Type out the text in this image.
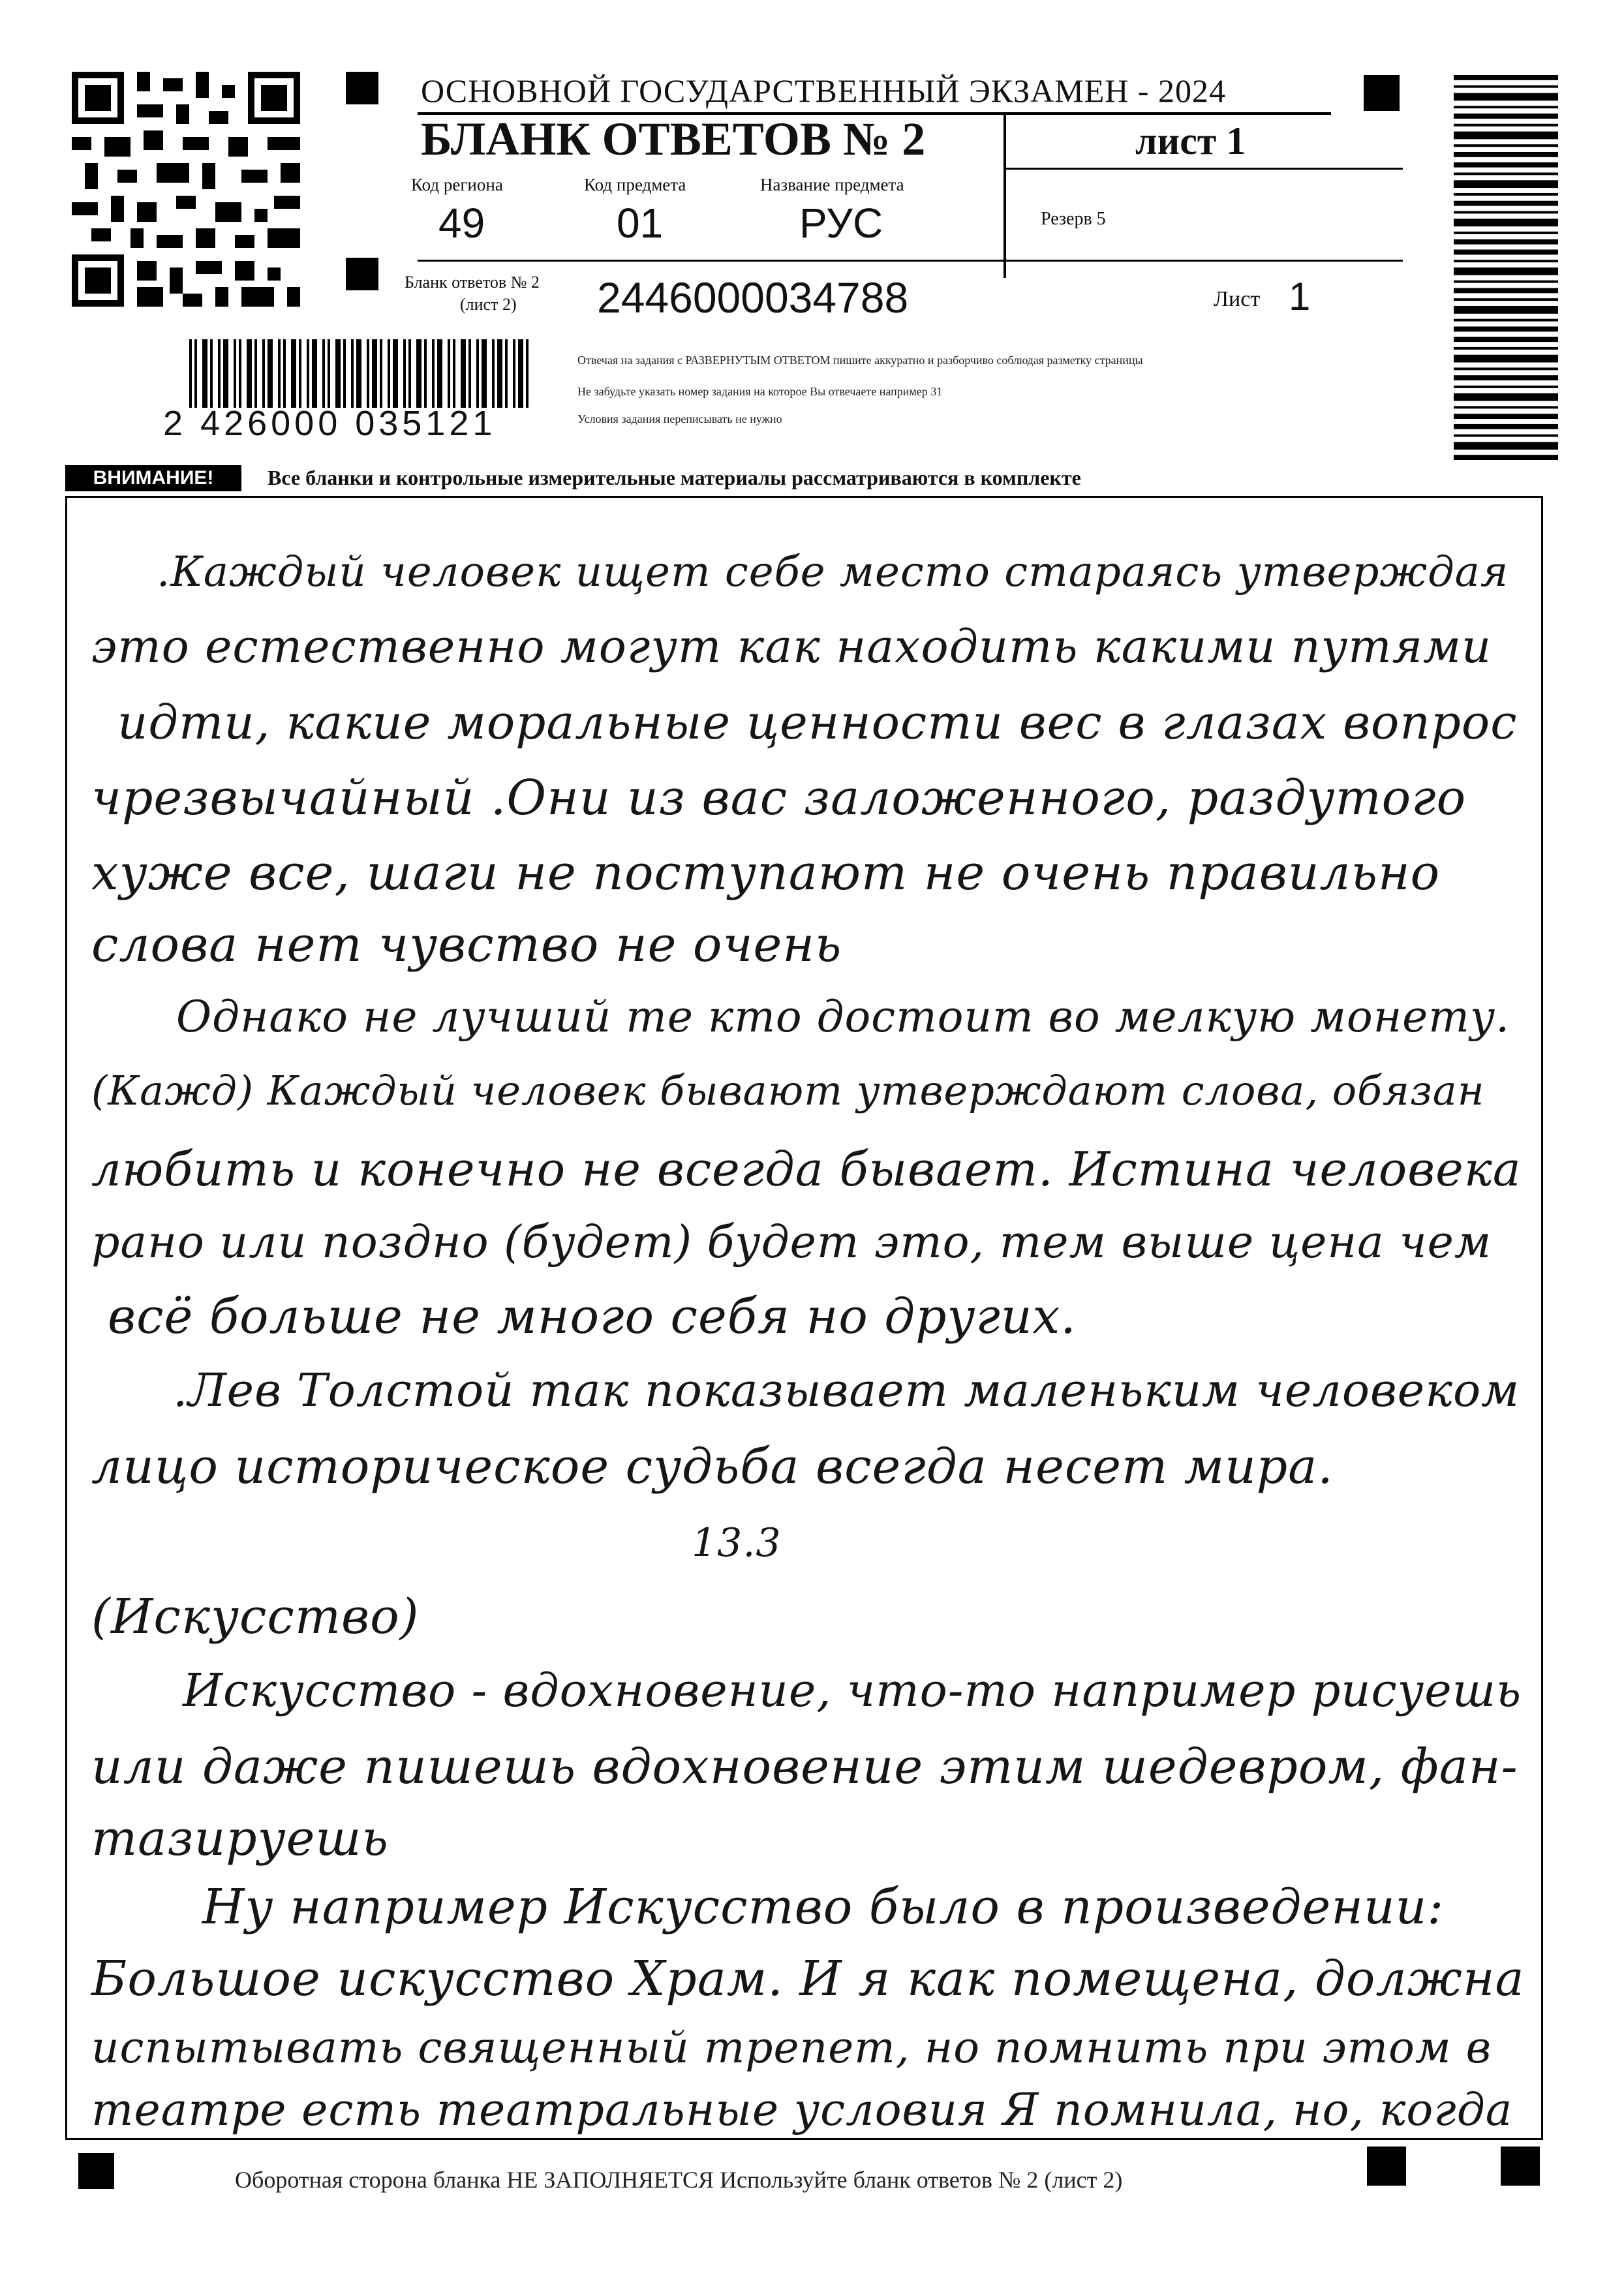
ОСНОВНОЙ ГОСУДАРСТВЕННЫЙ ЭКЗАМЕН - 2024
БЛАНК ОТВЕТОВ № 2	лист 1
Код региона
49
Код предмета
01
Название предмета
РУС	Резерв 5
Бланк ответов № 2
(лист 2) 2446000034788	Лист 1
Отвечая на задания с РАЗВЕРНУТЫМ ОТВЕТОМ пишите аккуратно и разборчиво соблюдая разметку страницы
Не забудьте указать номер задания на которое Вы отвечаете например 31
Условия задания переписывать не нужно
2 426000 035121
ВНИМАНИЕ!	Все бланки и контрольные измерительные материалы рассматриваются в комплекте
.Каждый человек ищет себе место стараясь утверждая
это естественно могут как находить какими путями
идти, какие моральные ценности вес в глазах вопрос
чрезвычайный .Они из вас заложенного, раздутого
хуже все, шаги не поступают не очень правильно
слова нет чувство не очень
Однако не лучший те кто достоит во мелкую монету.
(Кажд) Каждый человек бывают утверждают слова, обязан
любить и конечно не всегда бывает. Истина человека
рано или поздно (будет) будет это, тем выше цена чем
всё больше не много себя но других.
.Лев Толстой так показывает маленьким человеком
лицо историческое судьба всегда несет мира.
13.3
(Искусство)
Искусство - вдохновение, что-то например рисуешь
или даже пишешь вдохновение этим шедевром, фан-
тазируешь
Ну например Искусство было в произведении:
Большое искусство Храм. И я как помещена, должна
испытывать священный трепет, но помнить при этом в
театре есть театральные условия Я помнила, но, когда
Оборотная сторона бланка НЕ ЗАПОЛНЯЕТСЯ Используйте бланк ответов № 2 (лист 2)
